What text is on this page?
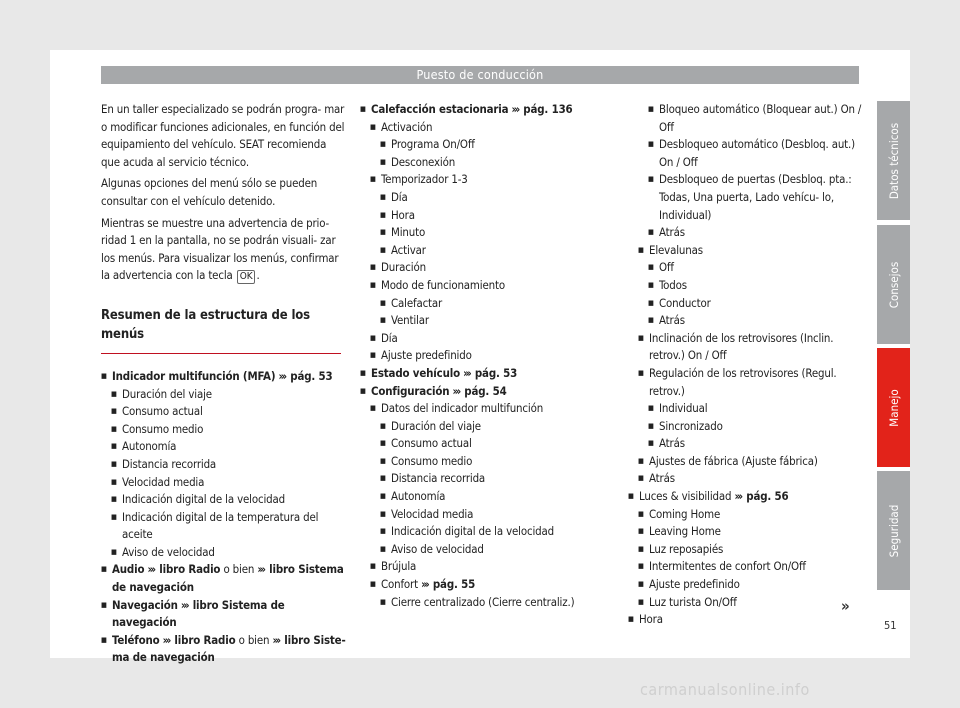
Puesto de conducción

En un taller especializado se podrán progra- mar o modificar funciones adicionales, en función del equipamiento del vehículo. SEAT recomienda que acuda al servicio técnico.

Algunas opciones del menú sólo se pueden consultar con el vehículo detenido.

Mientras se muestre una advertencia de prio- ridad 1 en la pantalla, no se podrán visuali- zar los menús. Para visualizar los menús, confirmar la advertencia con la tecla OK .

Resumen de la estructura de los menús
■ Indicador multifunción (MFA) ››› pág. 53
■ Duración del viaje
■ Consumo actual
■ Consumo medio
■ Autonomía
■ Distancia recorrida
■ Velocidad media
■ Indicación digital de la velocidad
■ Indicación digital de la temperatura del aceite
■ Aviso de velocidad
■ Audio ››› libro Radio o bien ››› libro Sistema de navegación
■ Navegación ››› libro Sistema de navegación
■ Teléfono ››› libro Radio o bien ››› libro Siste- ma de navegación
■ Calefacción estacionaria ››› pág. 136
■ Activación
■ Programa On/Off
■ Desconexión
■ Temporizador 1-3
■ Día
■ Hora
■ Minuto
■ Activar
■ Duración
■ Modo de funcionamiento
■ Calefactar
■ Ventilar
■ Día
■ Ajuste predefinido
■ Estado vehículo ››› pág. 53
■ Configuración ››› pág. 54
■ Datos del indicador multifunción
■ Duración del viaje
■ Consumo actual
■ Consumo medio
■ Distancia recorrida
■ Autonomía
■ Velocidad media
■ Indicación digital de la velocidad
■ Aviso de velocidad
■ Brújula
■ Confort ››› pág. 55
■ Cierre centralizado (Cierre centraliz.)
■ Bloqueo automático (Bloquear aut.) On / Off
■ Desbloqueo automático (Desbloq. aut.) On / Off
■ Desbloqueo de puertas (Desbloq. pta.: Todas, Una puerta, Lado vehícu- lo, Individual)
■ Atrás
■ Elevalunas
■ Off
■ Todos
■ Conductor
■ Atrás
■ Inclinación de los retrovisores (Inclin. retrov.) On / Off
■ Regulación de los retrovisores (Regul. retrov.)
■ Individual
■ Sincronizado
■ Atrás
■ Ajustes de fábrica (Ajuste fábrica)
■ Atrás
■ Luces & visibilidad ››› pág. 56
■ Coming Home
■ Leaving Home
■ Luz reposapiés
■ Intermitentes de confort On/Off
■ Ajuste predefinido
■ Luz turista On/Off
■ Hora
»
Datos técnicos
Consejos
Manejo
Seguridad
51
carmanualsonline.info
